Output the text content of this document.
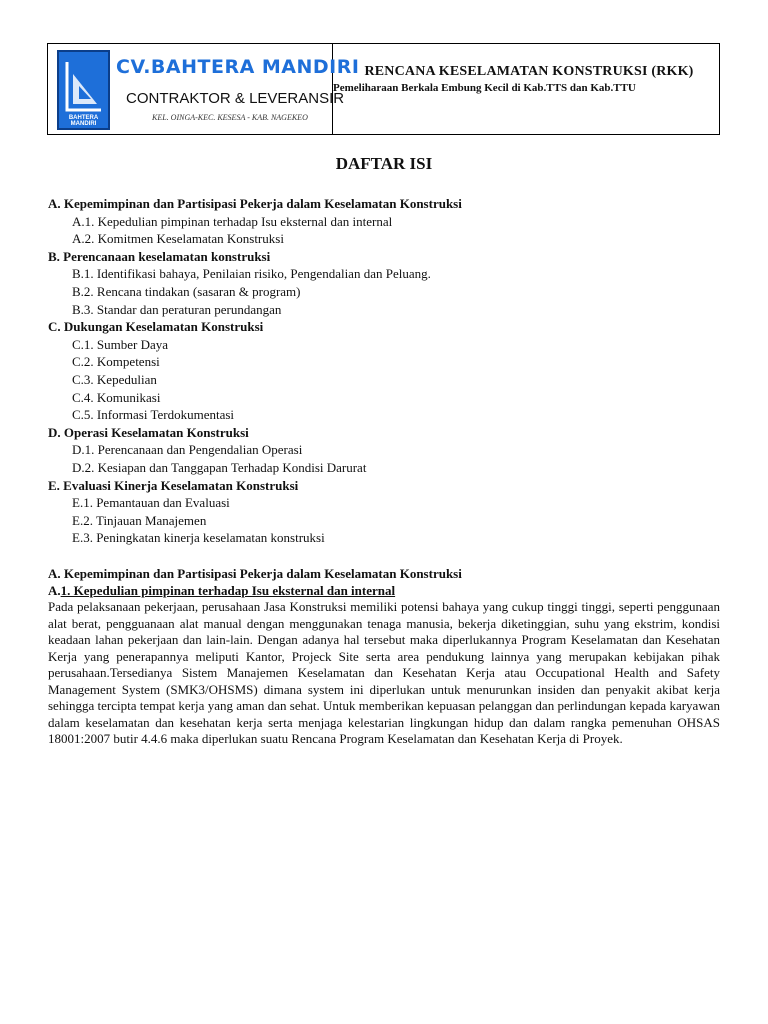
BAHTERA MANDIRI
CV.BAHTERA MANDIRI
CONTRAKTOR & LEVERANSIR
KEL. OINGA-KEC. KESESA - KAB. NAGEKEO
RENCANA KESELAMATAN KONSTRUKSI (RKK)
Pemeliharaan Berkala Embung Kecil di Kab.TTS dan Kab.TTU
DAFTAR ISI
A. Kepemimpinan dan Partisipasi Pekerja dalam Keselamatan Konstruksi
A.1. Kepedulian pimpinan terhadap Isu eksternal dan internal
A.2. Komitmen Keselamatan Konstruksi
B. Perencanaan keselamatan konstruksi
B.1. Identifikasi bahaya, Penilaian risiko, Pengendalian dan Peluang.
B.2. Rencana tindakan (sasaran & program)
B.3. Standar dan peraturan perundangan
C. Dukungan Keselamatan Konstruksi
C.1. Sumber Daya
C.2. Kompetensi
C.3. Kepedulian
C.4. Komunikasi
C.5. Informasi Terdokumentasi
D. Operasi Keselamatan Konstruksi
D.1. Perencanaan dan Pengendalian Operasi
D.2. Kesiapan dan Tanggapan Terhadap Kondisi Darurat
E. Evaluasi Kinerja Keselamatan Konstruksi
E.1. Pemantauan dan Evaluasi
E.2. Tinjauan Manajemen
E.3. Peningkatan kinerja keselamatan konstruksi
A. Kepemimpinan dan Partisipasi Pekerja dalam Keselamatan Konstruksi
A.1. Kepedulian pimpinan terhadap Isu eksternal dan internal

Pada pelaksanaan pekerjaan, perusahaan Jasa Konstruksi memiliki potensi bahaya yang cukup tinggi tinggi, seperti penggunaan alat berat, pengguanaan alat manual dengan menggunakan tenaga manusia, bekerja diketinggian, suhu yang ekstrim, kondisi keadaan lahan pekerjaan dan lain-lain. Dengan adanya hal tersebut maka diperlukannya Program Keselamatan dan Kesehatan Kerja yang penerapannya meliputi Kantor, Projeck Site serta area pendukung lainnya yang merupakan kebijakan pihak perusahaan.Tersedianya Sistem Manajemen Keselamatan dan Kesehatan Kerja atau Occupational Health and Safety Management System (SMK3/OHSMS) dimana system ini diperlukan untuk menurunkan insiden dan penyakit akibat kerja sehingga tercipta tempat kerja yang aman dan sehat. Untuk memberikan kepuasan pelanggan dan perlindungan kepada karyawan dalam keselamatan dan kesehatan kerja serta menjaga kelestarian lingkungan hidup dan dalam rangka pemenuhan OHSAS 18001:2007 butir 4.4.6 maka diperlukan suatu Rencana Program Keselamatan dan Kesehatan Kerja di Proyek.
